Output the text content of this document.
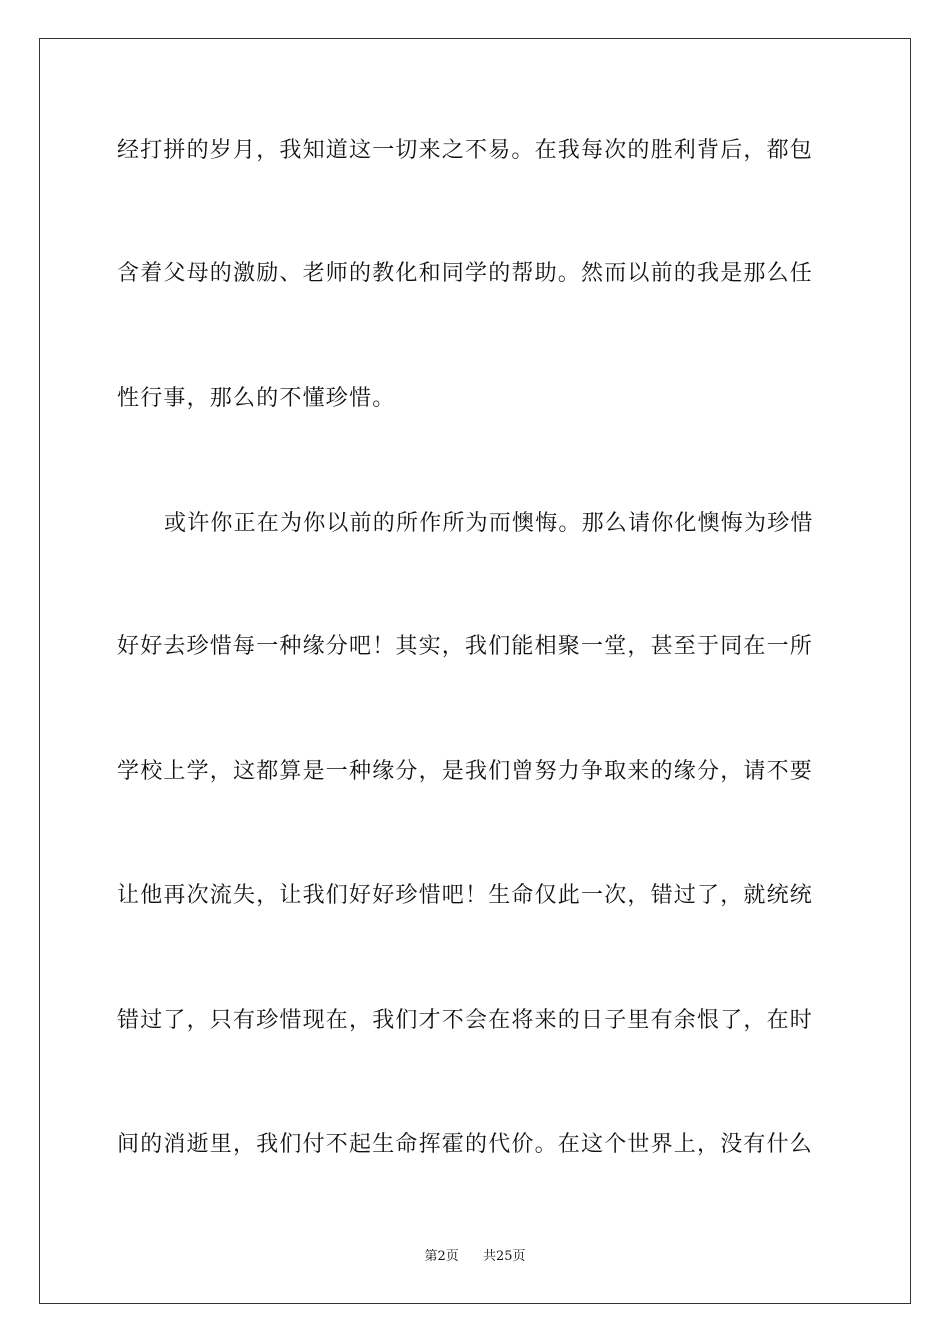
经打拼的岁月，我知道这一切来之不易。在我每次的胜利背后，都包
含着父母的激励、老师的教化和同学的帮助。然而以前的我是那么任
性行事，那么的不懂珍惜。
或许你正在为你以前的所作所为而懊悔。那么请你化懊悔为珍惜
好好去珍惜每一种缘分吧！其实，我们能相聚一堂，甚至于同在一所
学校上学，这都算是一种缘分，是我们曾努力争取来的缘分，请不要
让他再次流失，让我们好好珍惜吧！生命仅此一次，错过了，就统统
错过了，只有珍惜现在，我们才不会在将来的日子里有余恨了，在时
间的消逝里，我们付不起生命挥霍的代价。在这个世界上，没有什么
第2页 共25页
